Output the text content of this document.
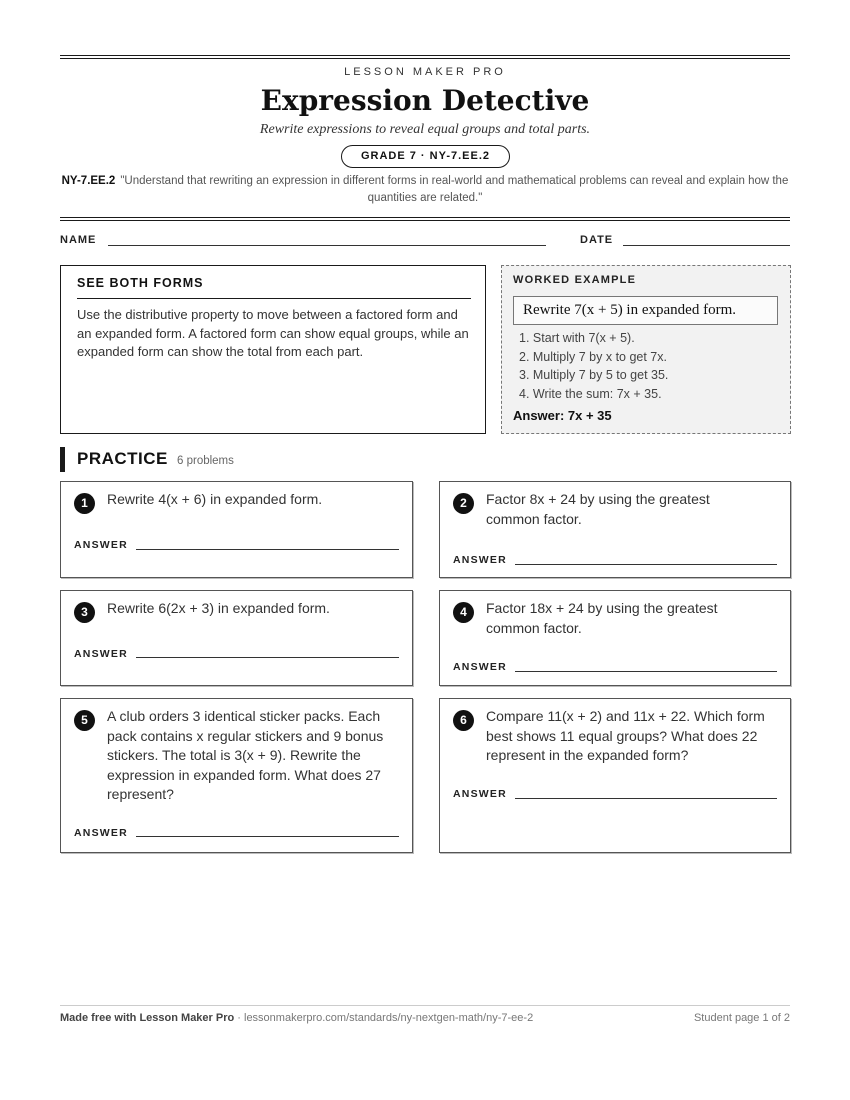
LESSON MAKER PRO
Expression Detective
Rewrite expressions to reveal equal groups and total parts.
GRADE 7 · NY-7.EE.2
NY-7.EE.2 "Understand that rewriting an expression in different forms in real-world and mathematical problems can reveal and explain how the quantities are related."
NAME	DATE
SEE BOTH FORMS
Use the distributive property to move between a factored form and an expanded form. A factored form can show equal groups, while an expanded form can show the total from each part.
WORKED EXAMPLE
Rewrite 7(x + 5) in expanded form.
1. Start with 7(x + 5).
2. Multiply 7 by x to get 7x.
3. Multiply 7 by 5 to get 35.
4. Write the sum: 7x + 35.
Answer: 7x + 35
PRACTICE 6 problems
1	Rewrite 4(x + 6) in expanded form.
ANSWER
2	Factor 8x + 24 by using the greatest common factor.
ANSWER
3	Rewrite 6(2x + 3) in expanded form.
ANSWER
4	Factor 18x + 24 by using the greatest common factor.
ANSWER
5	A club orders 3 identical sticker packs. Each pack contains x regular stickers and 9 bonus stickers. The total is 3(x + 9). Rewrite the expression in expanded form. What does 27 represent?
ANSWER
6	Compare 11(x + 2) and 11x + 22. Which form best shows 11 equal groups? What does 22 represent in the expanded form?
ANSWER
Made free with Lesson Maker Pro · lessonmakerpro.com/standards/ny-nextgen-math/ny-7-ee-2	Student page 1 of 2
